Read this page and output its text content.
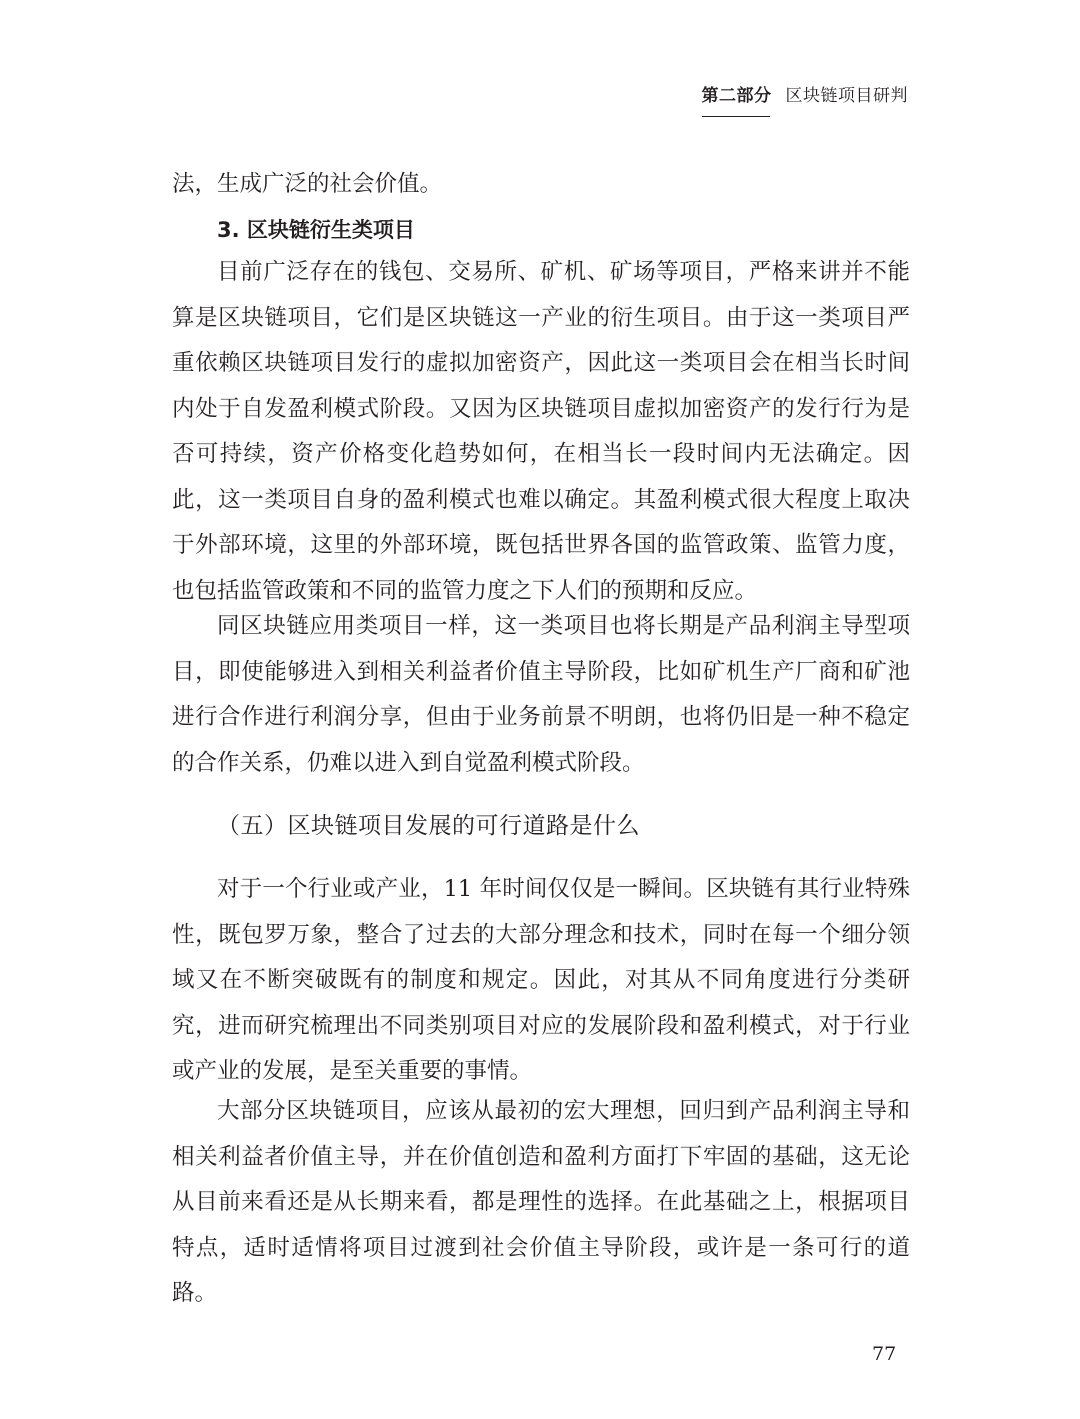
第二部分 区块链项目研判

法，生成广泛的社会价值。

3. 区块链衍生类项目

目前广泛存在的钱包、交易所、矿机、矿场等项目，严格来讲并不能算是区块链项目，它们是区块链这一产业的衍生项目。由于这一类项目严重依赖区块链项目发行的虚拟加密资产，因此这一类项目会在相当长时间内处于自发盈利模式阶段。又因为区块链项目虚拟加密资产的发行行为是否可持续，资产价格变化趋势如何，在相当长一段时间内无法确定。因此，这一类项目自身的盈利模式也难以确定。其盈利模式很大程度上取决于外部环境，这里的外部环境，既包括世界各国的监管政策、监管力度，也包括监管政策和不同的监管力度之下人们的预期和反应。

同区块链应用类项目一样，这一类项目也将长期是产品利润主导型项目，即使能够进入到相关利益者价值主导阶段，比如矿机生产厂商和矿池进行合作进行利润分享，但由于业务前景不明朗，也将仍旧是一种不稳定的合作关系，仍难以进入到自觉盈利模式阶段。

（五）区块链项目发展的可行道路是什么

对于一个行业或产业，11 年时间仅仅是一瞬间。区块链有其行业特殊性，既包罗万象，整合了过去的大部分理念和技术，同时在每一个细分领域又在不断突破既有的制度和规定。因此，对其从不同角度进行分类研究，进而研究梳理出不同类别项目对应的发展阶段和盈利模式，对于行业或产业的发展，是至关重要的事情。

大部分区块链项目，应该从最初的宏大理想，回归到产品利润主导和相关利益者价值主导，并在价值创造和盈利方面打下牢固的基础，这无论从目前来看还是从长期来看，都是理性的选择。在此基础之上，根据项目特点，适时适情将项目过渡到社会价值主导阶段，或许是一条可行的道路。

77
